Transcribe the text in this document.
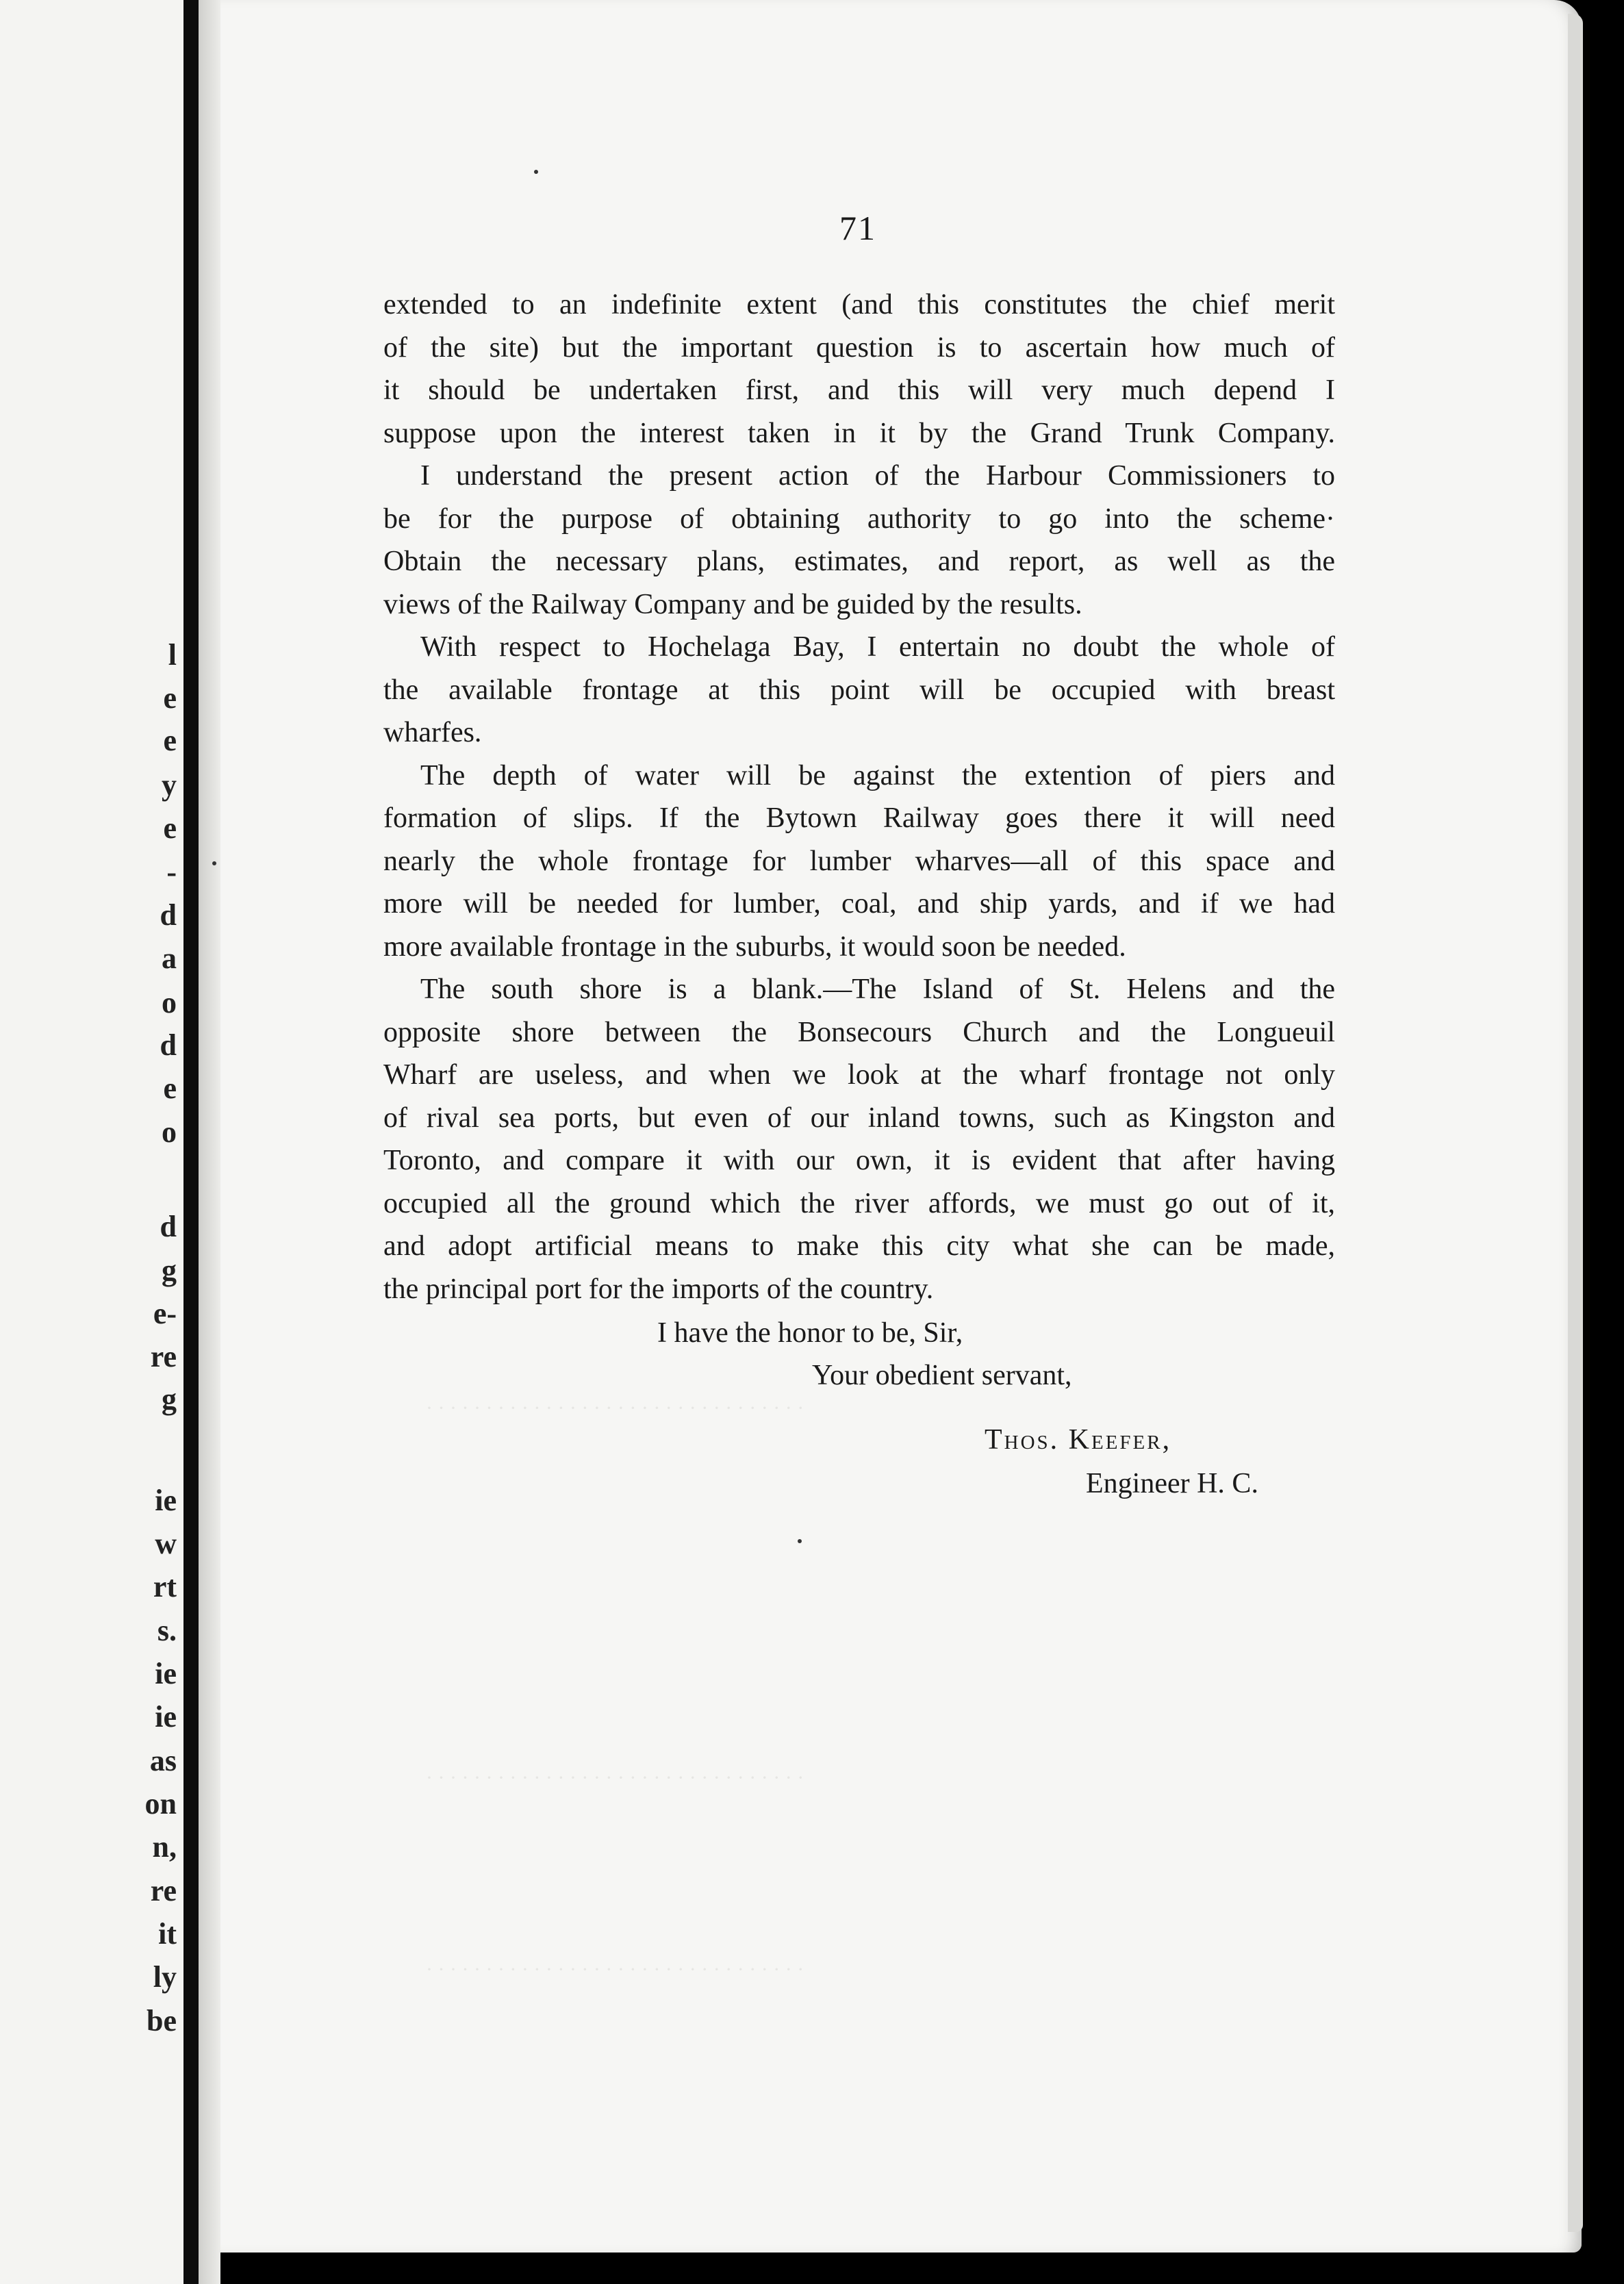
l
e
e
y
e
-
d
a
o
d
e
o
d
g
e-
re
g
ie
w
rt
s.
ie
ie
as
on
n,
re
it
ly
be
· · · · · · · · · · · · · · · · · · · · · · · · · · · · · · · ·
· · · · · · · · · · · · · · · · · · · · · · · · · · · · · · · ·
· · · · · · · · · · · · · · · · · · · · · · · · · · · · · · · ·
71

extended to an indefinite extent (and this constitutes the chief merit
of the site) but the important question is to ascertain how much of
it should be undertaken first, and this will very much depend I
suppose upon the interest taken in it by the Grand Trunk Company.

I understand the present action of the Harbour Commissioners to
be for the purpose of obtaining authority to go into the scheme·
Obtain the necessary plans, estimates, and report, as well as the
views of the Railway Company and be guided by the results.

With respect to Hochelaga Bay, I entertain no doubt the whole of
the available frontage at this point will be occupied with breast
wharfes.

The depth of water will be against the extention of piers and
formation of slips. If the Bytown Railway goes there it will need
nearly the whole frontage for lumber wharves—all of this space and
more will be needed for lumber, coal, and ship yards, and if we had
more available frontage in the suburbs, it would soon be needed.

The south shore is a blank.—The Island of St. Helens and the
opposite shore between the Bonsecours Church and the Longueuil
Wharf are useless, and when we look at the wharf frontage not only
of rival sea ports, but even of our inland towns, such as Kingston and
Toronto, and compare it with our own, it is evident that after having
occupied all the ground which the river affords, we must go out of it,
and adopt artificial means to make this city what she can be made,
the principal port for the imports of the country.

I have the honor to be, Sir,
Your obedient servant,
Thos. Keefer,
Engineer H. C.
